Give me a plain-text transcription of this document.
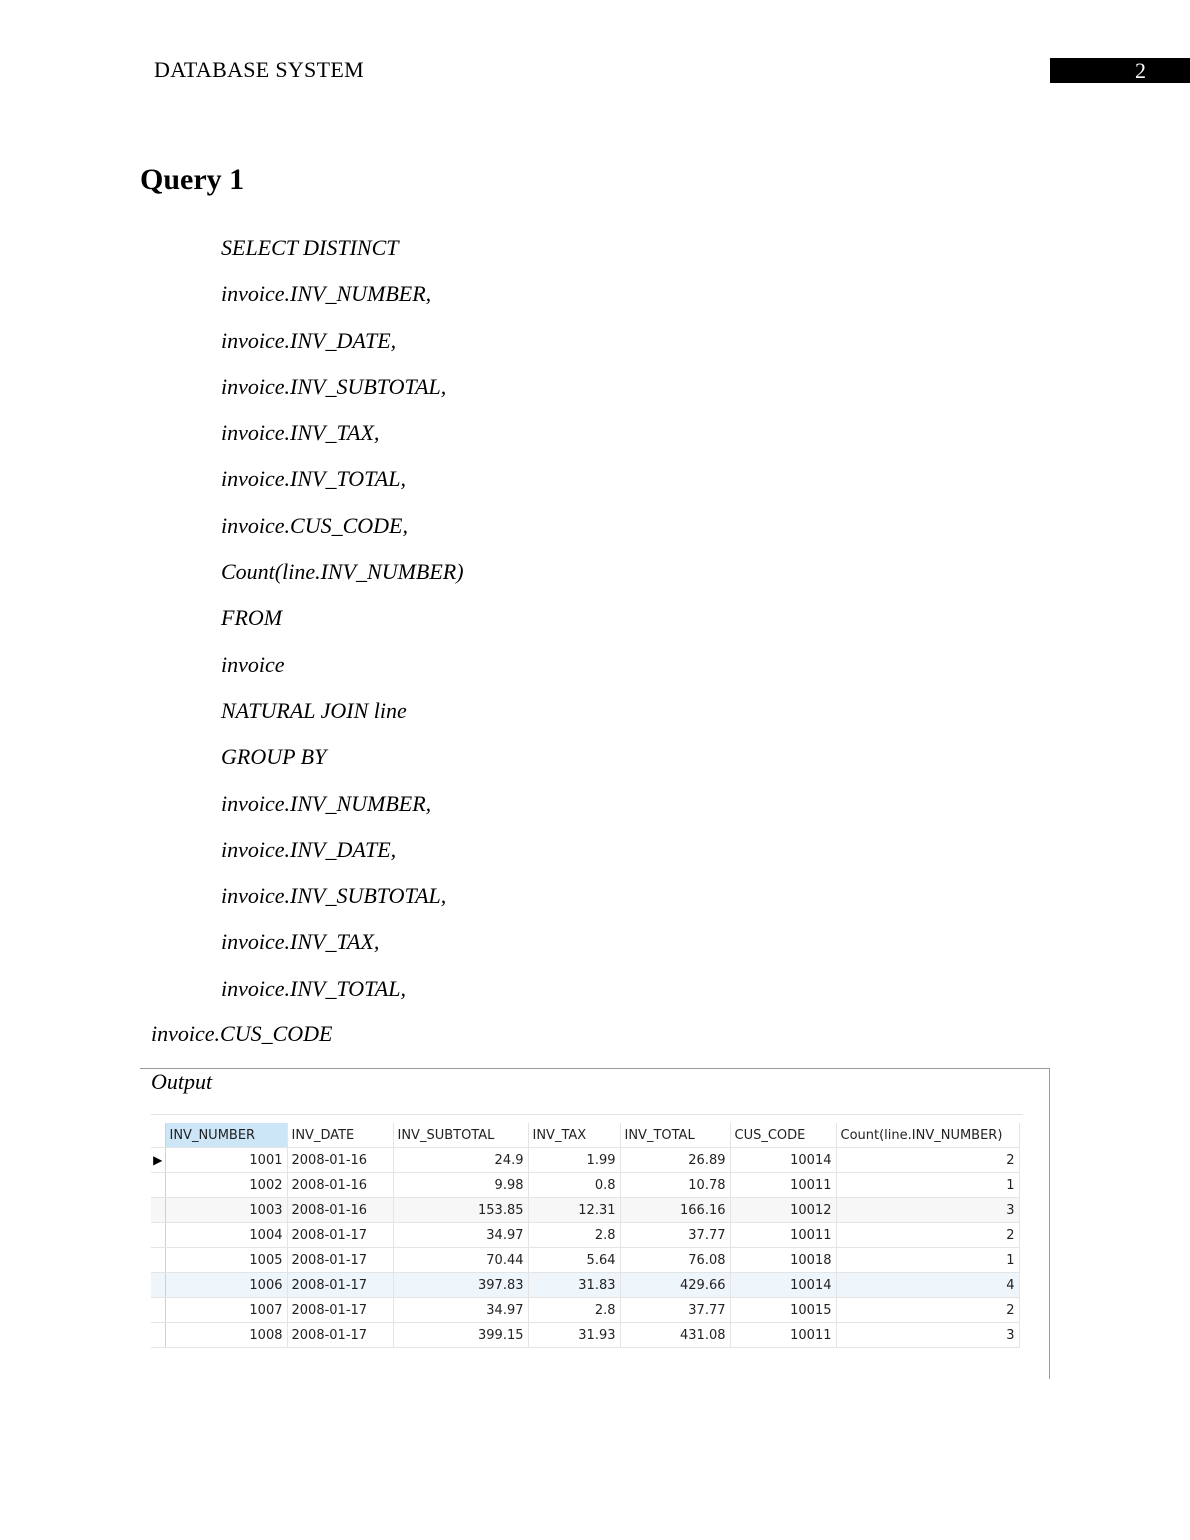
DATABASE SYSTEM	2
Query 1
SELECT DISTINCT
invoice.INV_NUMBER,
invoice.INV_DATE,
invoice.INV_SUBTOTAL,
invoice.INV_TAX,
invoice.INV_TOTAL,
invoice.CUS_CODE,
Count(line.INV_NUMBER)
FROM
invoice
NATURAL JOIN line
GROUP BY
invoice.INV_NUMBER,
invoice.INV_DATE,
invoice.INV_SUBTOTAL,
invoice.INV_TAX,
invoice.INV_TOTAL,
invoice.CUS_CODE
Output
	INV_NUMBER	INV_DATE	INV_SUBTOTAL	INV_TAX	INV_TOTAL	CUS_CODE	Count(line.INV_NUMBER)
▶	1001	2008-01-16	24.9	1.99	26.89	10014	2
	1002	2008-01-16	9.98	0.8	10.78	10011	1
	1003	2008-01-16	153.85	12.31	166.16	10012	3
	1004	2008-01-17	34.97	2.8	37.77	10011	2
	1005	2008-01-17	70.44	5.64	76.08	10018	1
	1006	2008-01-17	397.83	31.83	429.66	10014	4
	1007	2008-01-17	34.97	2.8	37.77	10015	2
	1008	2008-01-17	399.15	31.93	431.08	10011	3
